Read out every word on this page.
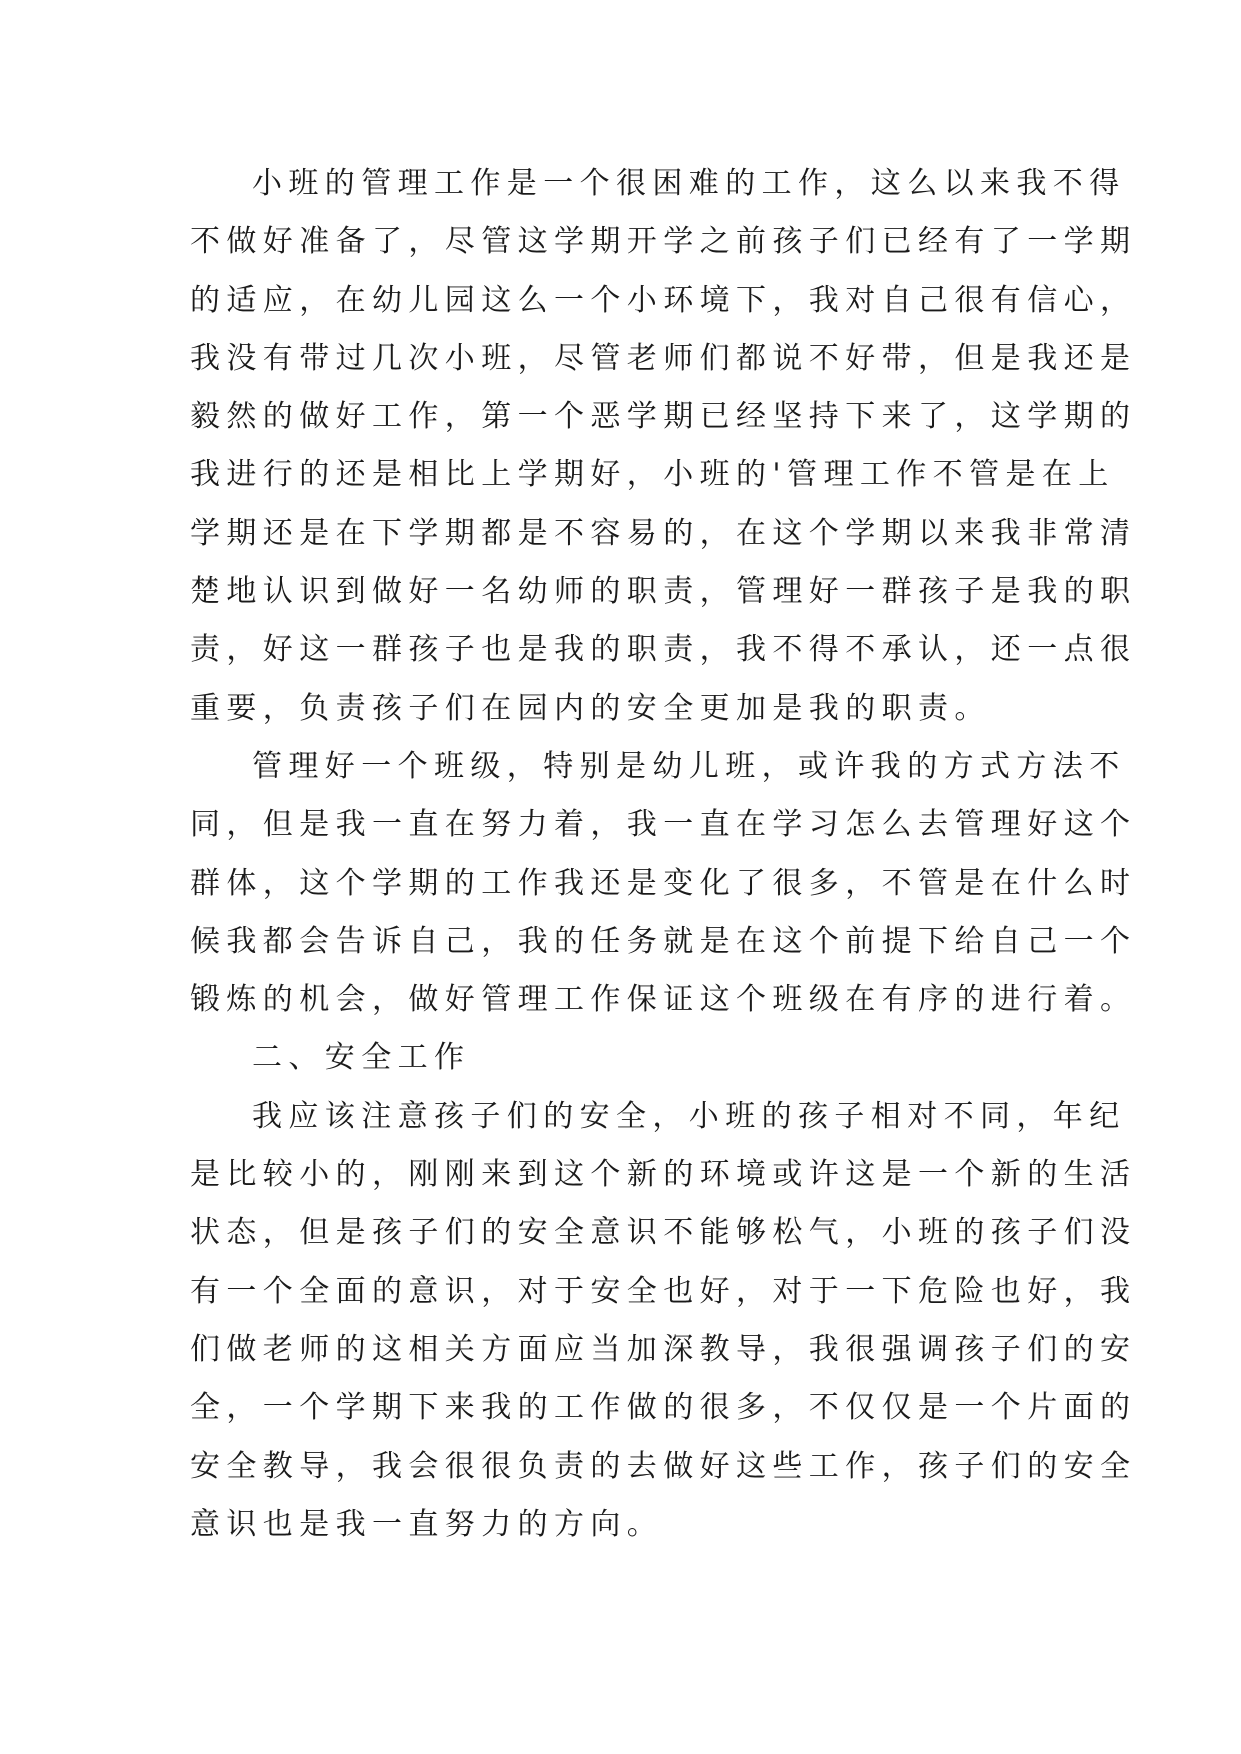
小班的管理工作是一个很困难的工作，这么以来我不得
不做好准备了，尽管这学期开学之前孩子们已经有了一学期
的适应，在幼儿园这么一个小环境下，我对自己很有信心，
我没有带过几次小班，尽管老师们都说不好带，但是我还是
毅然的做好工作，第一个恶学期已经坚持下来了，这学期的
我进行的还是相比上学期好，小班的'管理工作不管是在上
学期还是在下学期都是不容易的，在这个学期以来我非常清
楚地认识到做好一名幼师的职责，管理好一群孩子是我的职
责，好这一群孩子也是我的职责，我不得不承认，还一点很
重要，负责孩子们在园内的安全更加是我的职责。
管理好一个班级，特别是幼儿班，或许我的方式方法不
同，但是我一直在努力着，我一直在学习怎么去管理好这个
群体，这个学期的工作我还是变化了很多，不管是在什么时
候我都会告诉自己，我的任务就是在这个前提下给自己一个
锻炼的机会，做好管理工作保证这个班级在有序的进行着。
二、安全工作
我应该注意孩子们的安全，小班的孩子相对不同，年纪
是比较小的，刚刚来到这个新的环境或许这是一个新的生活
状态，但是孩子们的安全意识不能够松气，小班的孩子们没
有一个全面的意识，对于安全也好，对于一下危险也好，我
们做老师的这相关方面应当加深教导，我很强调孩子们的安
全，一个学期下来我的工作做的很多，不仅仅是一个片面的
安全教导，我会很很负责的去做好这些工作，孩子们的安全
意识也是我一直努力的方向。
